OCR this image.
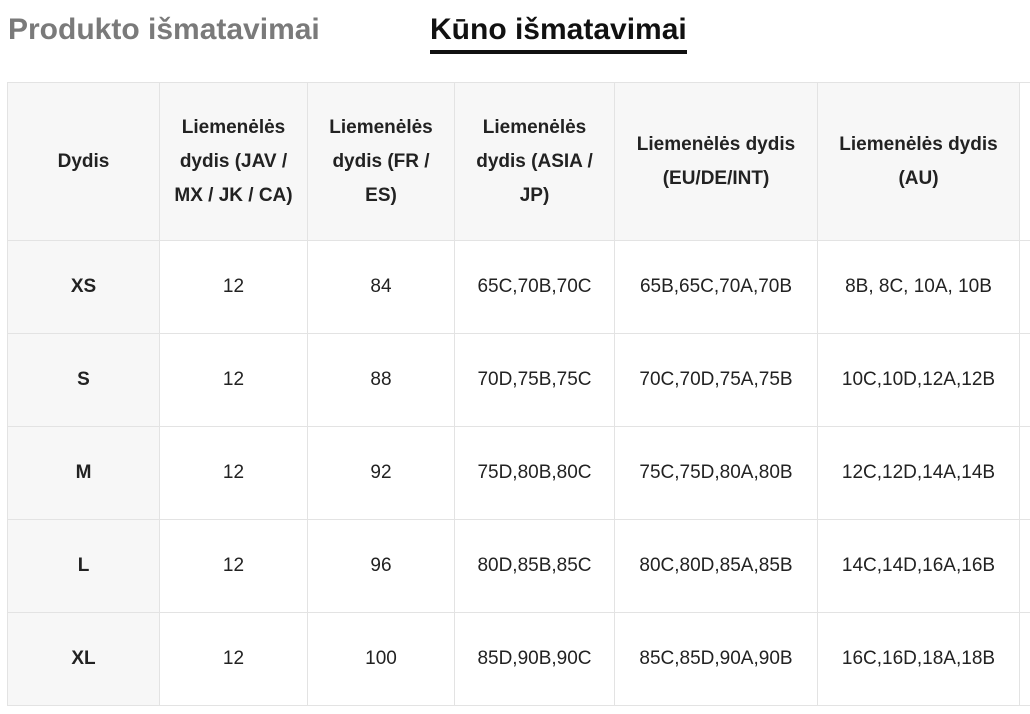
Produkto išmatavimai	Kūno išmatavimai
Dydis	Liemenėlės dydis (JAV / MX / JK / CA)	Liemenėlės dydis (FR / ES)	Liemenėlės dydis (ASIA / JP)	Liemenėlės dydis (EU/DE/INT)	Liemenėlės dydis (AU)	
XS	12	84	65C,70B,70C	65B,65C,70A,70B	8B, 8C, 10A, 10B	
S	12	88	70D,75B,75C	70C,70D,75A,75B	10C,10D,12A,12B	
M	12	92	75D,80B,80C	75C,75D,80A,80B	12C,12D,14A,14B	
L	12	96	80D,85B,85C	80C,80D,85A,85B	14C,14D,16A,16B	
XL	12	100	85D,90B,90C	85C,85D,90A,90B	16C,16D,18A,18B	
